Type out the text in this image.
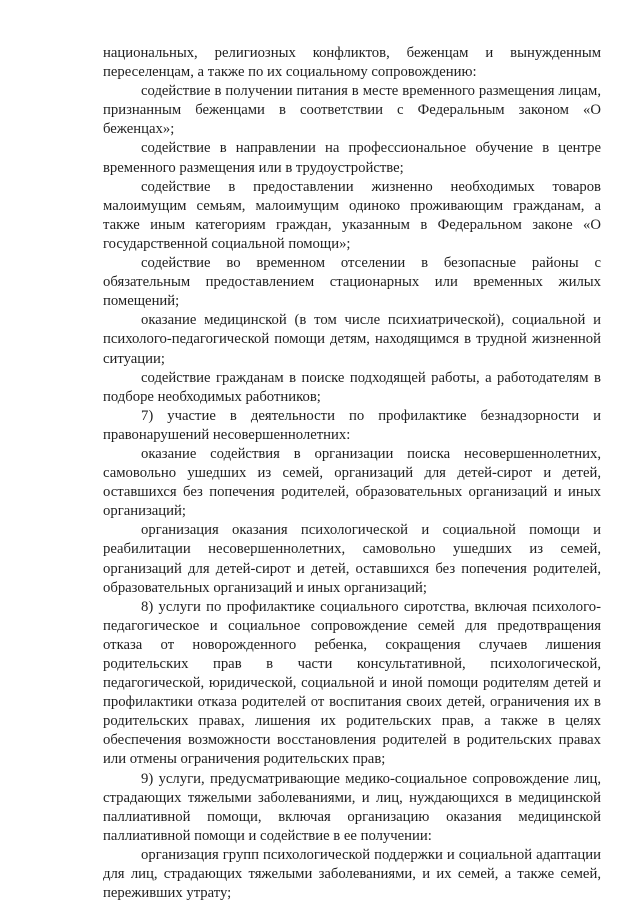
национальных, религиозных конфликтов, беженцам и вынужденным переселенцам, а также по их социальному сопровождению:

содействие в получении питания в месте временного размещения лицам, признанным беженцами в соответствии с Федеральным законом «О беженцах»;

содействие в направлении на профессиональное обучение в центре временного размещения или в трудоустройстве;

содействие в предоставлении жизненно необходимых товаров малоимущим семьям, малоимущим одиноко проживающим гражданам, а также иным категориям граждан, указанным в Федеральном законе «О государственной социальной помощи»;

содействие во временном отселении в безопасные районы с обязательным предоставлением стационарных или временных жилых помещений;

оказание медицинской (в том числе психиатрической), социальной и психолого-педагогической помощи детям, находящимся в трудной жизненной ситуации;

содействие гражданам в поиске подходящей работы, а работодателям в подборе необходимых работников;

7) участие в деятельности по профилактике безнадзорности и правонарушений несовершеннолетних:

оказание содействия в организации поиска несовершеннолетних, самовольно ушедших из семей, организаций для детей-сирот и детей, оставшихся без попечения родителей, образовательных организаций и иных организаций;

организация оказания психологической и социальной помощи и реабилитации несовершеннолетних, самовольно ушедших из семей, организаций для детей-сирот и детей, оставшихся без попечения родителей, образовательных организаций и иных организаций;

8) услуги по профилактике социального сиротства, включая психолого-педагогическое и социальное сопровождение семей для предотвращения отказа от новорожденного ребенка, сокращения случаев лишения родительских прав в части консультативной, психологической, педагогической, юридической, социальной и иной помощи родителям детей и профилактики отказа родителей от воспитания своих детей, ограничения их в родительских правах, лишения их родительских прав, а также в целях обеспечения возможности восстановления родителей в родительских правах или отмены ограничения родительских прав;

9) услуги, предусматривающие медико-социальное сопровождение лиц, страдающих тяжелыми заболеваниями, и лиц, нуждающихся в медицинской паллиативной помощи, включая организацию оказания медицинской паллиативной помощи и содействие в ее получении:

организация групп психологической поддержки и социальной адаптации для лиц, страдающих тяжелыми заболеваниями, и их семей, а также семей, переживших утрату;
